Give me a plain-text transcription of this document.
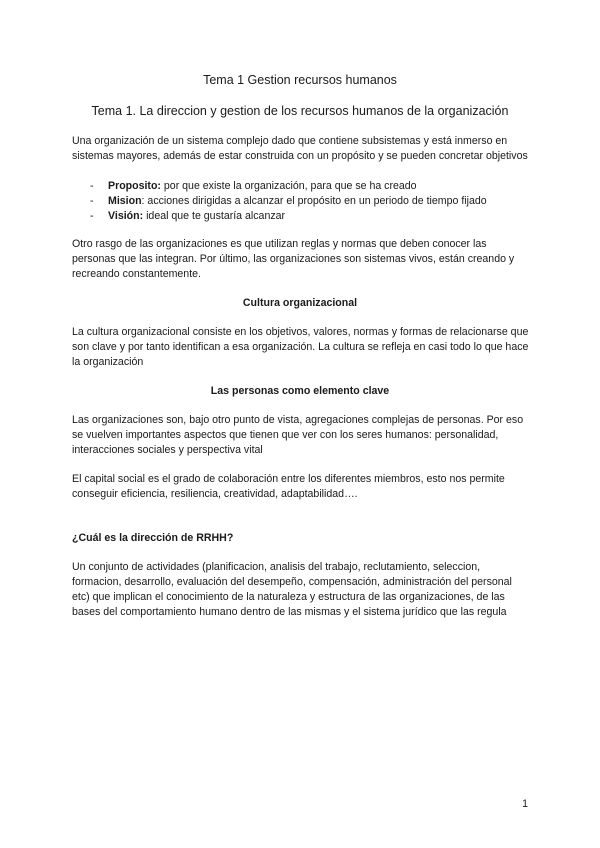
Tema 1 Gestion recursos humanos
Tema 1. La direccion y gestion de los recursos humanos de la organización

Una organización de un sistema complejo dado que contiene subsistemas y está inmerso en sistemas mayores, además de estar construida con un propósito y se pueden concretar objetivos

- Proposito: por que existe la organización, para que se ha creado
- Mision: acciones dirigidas a alcanzar el propósito en un periodo de tiempo fijado
- Visión: ideal que te gustaría alcanzar

Otro rasgo de las organizaciones es que utilizan reglas y normas que deben conocer las personas que las integran. Por último, las organizaciones son sistemas vivos, están creando y recreando constantemente.

Cultura organizacional

La cultura organizacional consiste en los objetivos, valores, normas y formas de relacionarse que son clave y por tanto identifican a esa organización. La cultura se refleja en casi todo lo que hace la organización

Las personas como elemento clave

Las organizaciones son, bajo otro punto de vista, agregaciones complejas de personas. Por eso se vuelven importantes aspectos que tienen que ver con los seres humanos: personalidad, interacciones sociales y perspectiva vital

El capital social es el grado de colaboración entre los diferentes miembros, esto nos permite conseguir eficiencia, resiliencia, creatividad, adaptabilidad….

¿Cuál es la dirección de RRHH?

Un conjunto de actividades (planificacion, analisis del trabajo, reclutamiento, seleccion, formacion, desarrollo, evaluación del desempeño, compensación, administración del personal etc) que implican el conocimiento de la naturaleza y estructura de las organizaciones, de las bases del comportamiento humano dentro de las mismas y el sistema jurídico que las regula

1
